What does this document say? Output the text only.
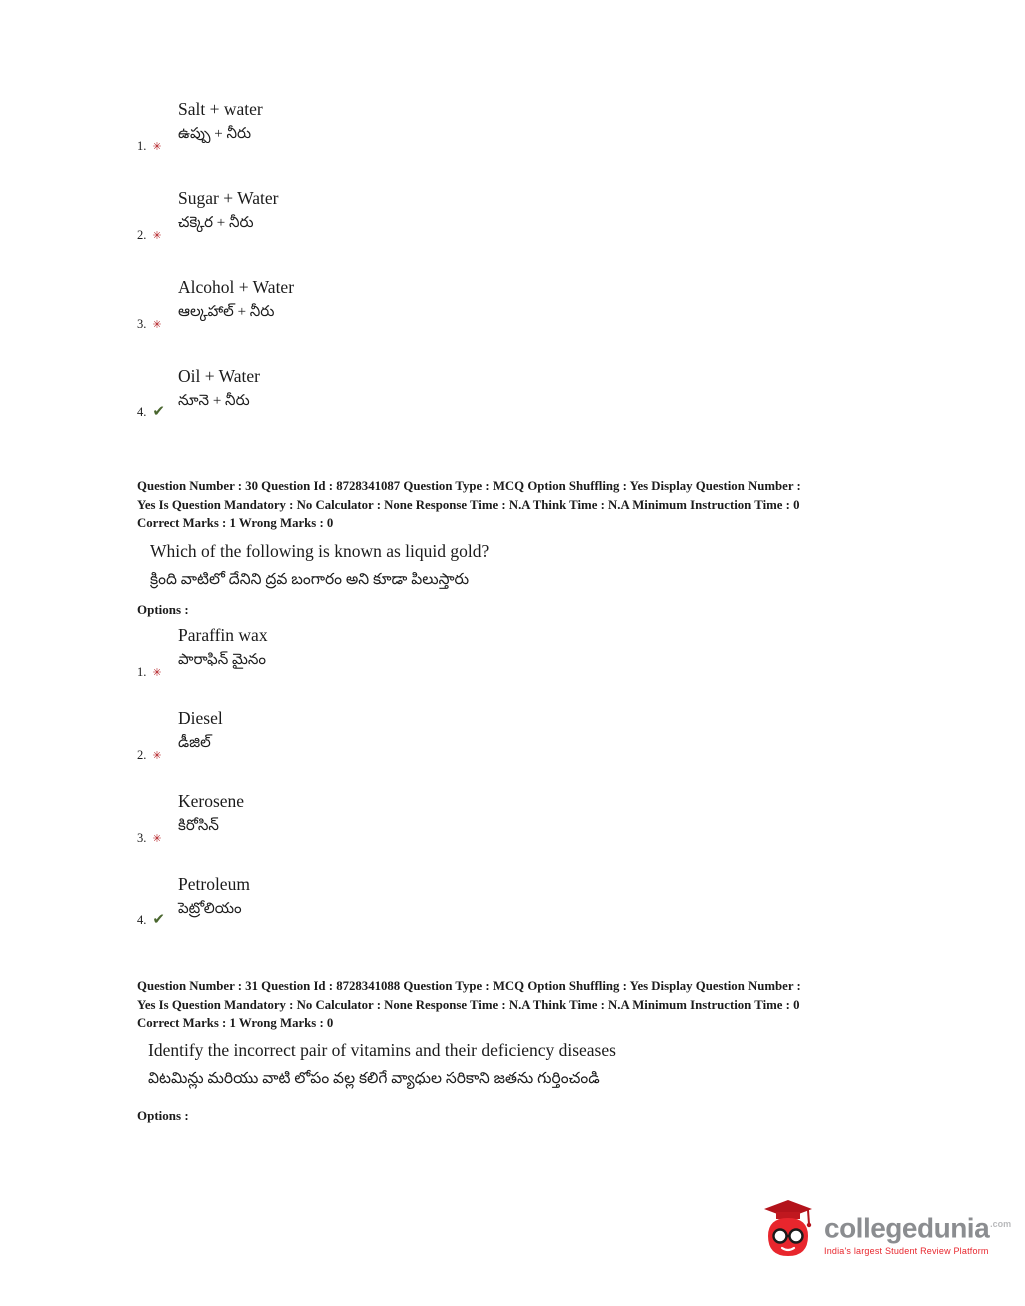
1. ✳
Salt + water
ఉప్పు + నీరు
2. ✳
Sugar + Water
చక్కెర + నీరు
3. ✳
Alcohol + Water
ఆల్కహాల్ + నీరు
4. ✔
Oil + Water
నూనె + నీరు
Question Number : 30 Question Id : 8728341087 Question Type : MCQ Option Shuffling : Yes Display Question Number :
Yes Is Question Mandatory : No Calculator : None Response Time : N.A Think Time : N.A Minimum Instruction Time : 0
Correct Marks : 1 Wrong Marks : 0
Which of the following is known as liquid gold?
క్రింది వాటిలో దేనిని ద్రవ బంగారం అని కూడా పిలుస్తారు
Options :
1. ✳
Paraffin wax
పారాఫిన్ మైనం
2. ✳
Diesel
డీజిల్
3. ✳
Kerosene
కిరోసిన్
4. ✔
Petroleum
పెట్రోలియం
Question Number : 31 Question Id : 8728341088 Question Type : MCQ Option Shuffling : Yes Display Question Number :
Yes Is Question Mandatory : No Calculator : None Response Time : N.A Think Time : N.A Minimum Instruction Time : 0
Correct Marks : 1 Wrong Marks : 0
Identify the incorrect pair of vitamins and their deficiency diseases
విటమిన్లు మరియు వాటి లోపం వల్ల కలిగే వ్యాధుల సరికాని జతను గుర్తించండి
Options :
collegedunia$^{.com}$
India's largest Student Review Platform
